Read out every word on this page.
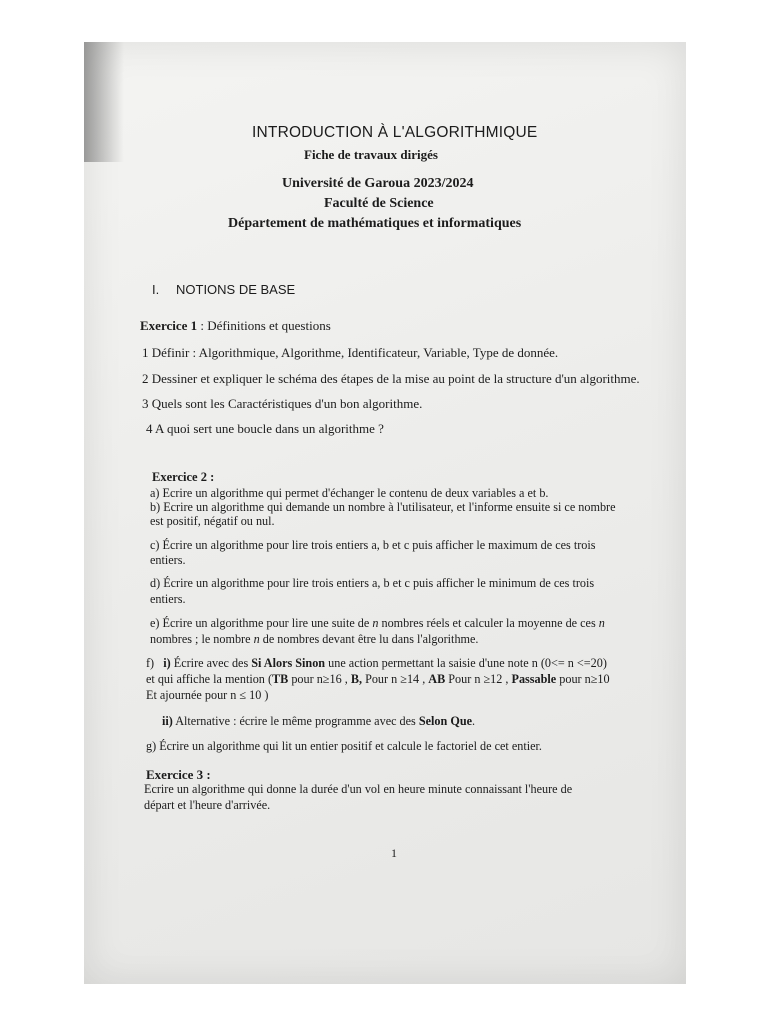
INTRODUCTION À L'ALGORITHMIQUE
Fiche de travaux dirigés
Université de Garoua 2023/2024
Faculté de Science
Département de mathématiques et informatiques
I. NOTIONS DE BASE
Exercice 1 : Définitions et questions
1 Définir : Algorithmique, Algorithme, Identificateur, Variable, Type de donnée.
2 Dessiner et expliquer le schéma des étapes de la mise au point de la structure d'un algorithme.
3 Quels sont les Caractéristiques d'un bon algorithme.
4 A quoi sert une boucle dans un algorithme ?
Exercice 2 :
a) Ecrire un algorithme qui permet d'échanger le contenu de deux variables a et b.
b) Ecrire un algorithme qui demande un nombre à l'utilisateur, et l'informe ensuite si ce nombre
est positif, négatif ou nul.
c) Écrire un algorithme pour lire trois entiers a, b et c puis afficher le maximum de ces trois
entiers.
d) Écrire un algorithme pour lire trois entiers a, b et c puis afficher le minimum de ces trois
entiers.
e) Écrire un algorithme pour lire une suite de n nombres réels et calculer la moyenne de ces n
nombres ; le nombre n de nombres devant être lu dans l'algorithme.
f) i) Écrire avec des Si Alors Sinon une action permettant la saisie d'une note n (0<= n <=20)
et qui affiche la mention (TB pour n≥16 , B, Pour n ≥14 , AB Pour n ≥12 , Passable pour n≥10
Et ajournée pour n ≤ 10 )
ii) Alternative : écrire le même programme avec des Selon Que.
g) Écrire un algorithme qui lit un entier positif et calcule le factoriel de cet entier.
Exercice 3 :
Ecrire un algorithme qui donne la durée d'un vol en heure minute connaissant l'heure de
départ et l'heure d'arrivée.
1
